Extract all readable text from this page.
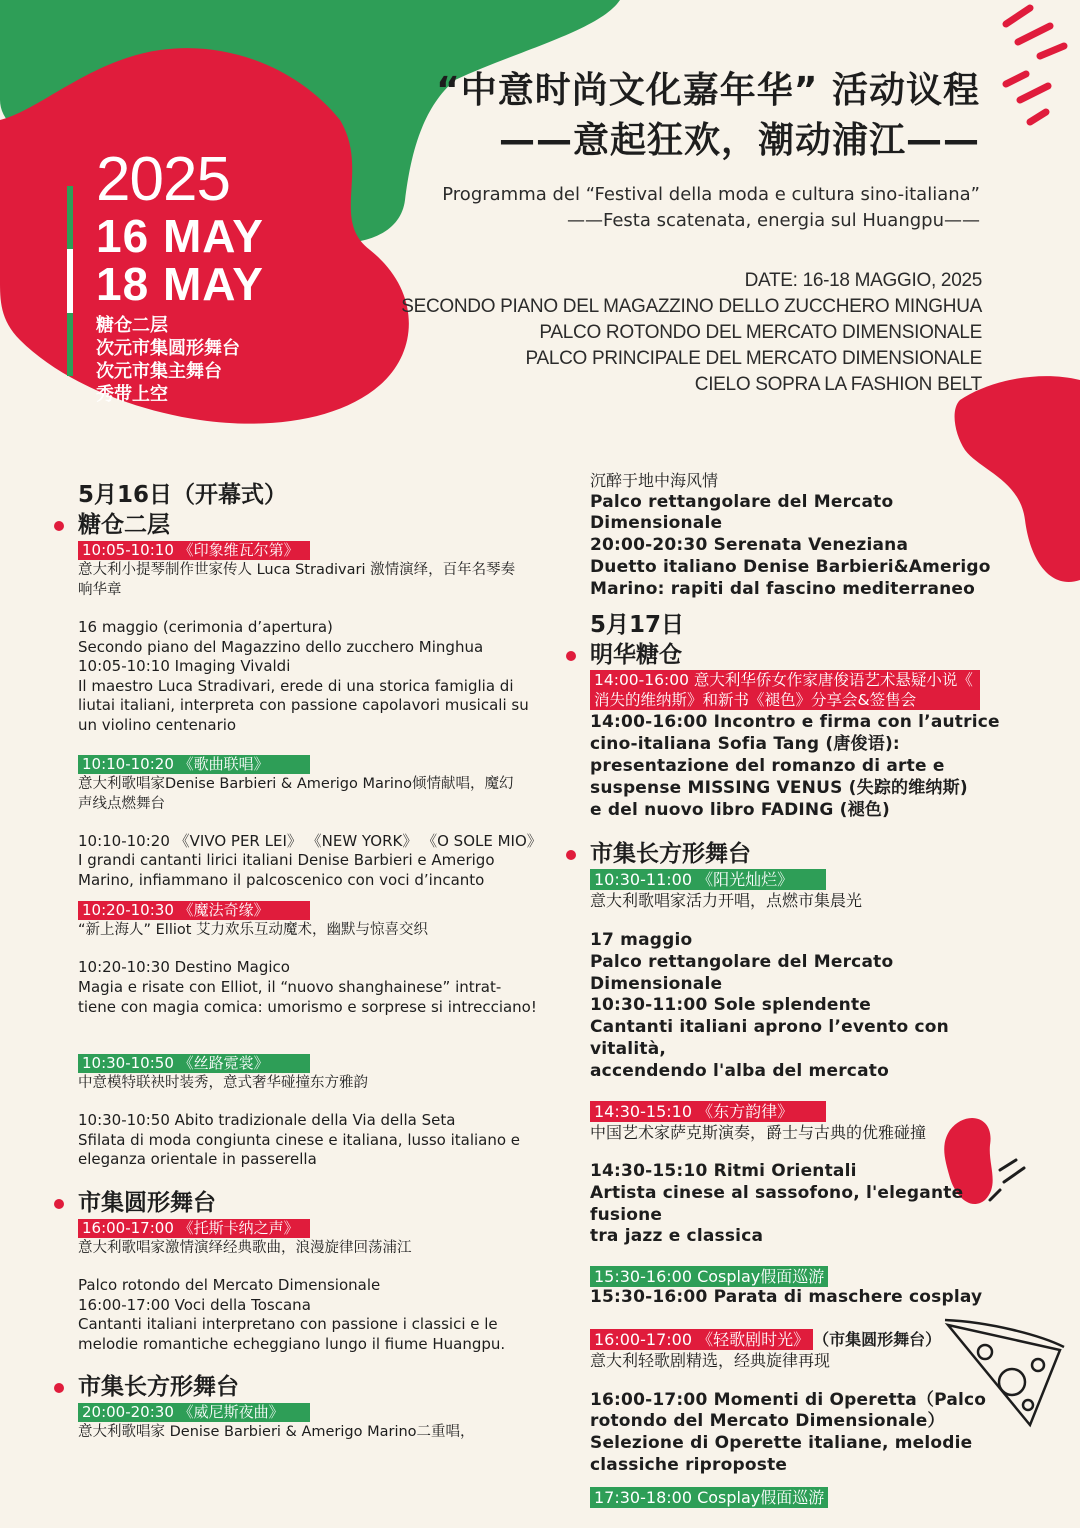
2025
16 MAY
18 MAY
糖仓二层
次元市集圆形舞台
次元市集主舞台
秀带上空
“中意时尚文化嘉年华” 活动议程
——意起狂欢，潮动浦江——
Programma del “Festival della moda e cultura sino-italiana”
——Festa scatenata, energia sul Huangpu——
DATE: 16-18 MAGGIO, 2025
SECONDO PIANO DEL MAGAZZINO DELLO ZUCCHERO MINGHUA
PALCO ROTONDO DEL MERCATO DIMENSIONALE
PALCO PRINCIPALE DEL MERCATO DIMENSIONALE
CIELO SOPRA LA FASHION BELT
5月16日（开幕式）
糖仓二层
10:05-10:10 《印象维瓦尔第》
意大利小提琴制作世家传人 Luca Stradivari 激情演绎，百年名琴奏
响华章
16 maggio (cerimonia d’apertura)
Secondo piano del Magazzino dello zucchero Minghua
10:05-10:10 Imaging Vivaldi
Il maestro Luca Stradivari, erede di una storica famiglia di
liutai italiani, interpreta con passione capolavori musicali su
un violino centenario
10:10-10:20 《歌曲联唱》
意大利歌唱家Denise Barbieri & Amerigo Marino倾情献唱，魔幻
声线点燃舞台
10:10-10:20 《VIVO PER LEI》 《NEW YORK》 《O SOLE MIO》
I grandi cantanti lirici italiani Denise Barbieri e Amerigo
Marino, infiammano il palcoscenico con voci d’incanto
10:20-10:30 《魔法奇缘》
“新上海人” Elliot 艾力欢乐互动魔术，幽默与惊喜交织
10:20-10:30 Destino Magico
Magia e risate con Elliot, il “nuovo shanghainese” intrat-
tiene con magia comica: umorismo e sorprese si intrecciano!
10:30-10:50 《丝路霓裳》
中意模特联袂时装秀，意式奢华碰撞东方雅韵
10:30-10:50 Abito tradizionale della Via della Seta
Sfilata di moda congiunta cinese e italiana, lusso italiano e
eleganza orientale in passerella
市集圆形舞台
16:00-17:00 《托斯卡纳之声》
意大利歌唱家激情演绎经典歌曲，浪漫旋律回荡浦江
Palco rotondo del Mercato Dimensionale
16:00-17:00 Voci della Toscana
Cantanti italiani interpretano con passione i classici e le
melodie romantiche echeggiano lungo il fiume Huangpu.
市集长方形舞台
20:00-20:30 《威尼斯夜曲》
意大利歌唱家 Denise Barbieri & Amerigo Marino二重唱，
沉醉于地中海风情
Palco rettangolare del Mercato Dimensionale
20:00-20:30 Serenata Veneziana
Duetto italiano Denise Barbieri&Amerigo
Marino: rapiti dal fascino mediterraneo
5月17日
明华糖仓
14:00-16:00 意大利华侨女作家唐俊语艺术悬疑小说《
消失的维纳斯》和新书《褪色》分享会&签售会
14:00-16:00 Incontro e firma con l’autrice
cino-italiana Sofia Tang (唐俊语):
presentazione del romanzo di arte e
suspense MISSING VENUS (失踪的维纳斯)
e del nuovo libro FADING (褪色)
市集长方形舞台
10:30-11:00 《阳光灿烂》
意大利歌唱家活力开唱，点燃市集晨光
17 maggio
Palco rettangolare del Mercato Dimensionale
10:30-11:00 Sole splendente
Cantanti italiani aprono l’evento con vitalità,
accendendo l'alba del mercato
14:30-15:10 《东方韵律》
中国艺术家萨克斯演奏，爵士与古典的优雅碰撞
14:30-15:10 Ritmi Orientali
Artista cinese al sassofono, l'elegante fusione
tra jazz e classica
15:30-16:00 Cosplay假面巡游
15:30-16:00 Parata di maschere cosplay
16:00-17:00 《轻歌剧时光》 （市集圆形舞台）
意大利轻歌剧精选，经典旋律再现
16:00-17:00 Momenti di Operetta（Palco
rotondo del Mercato Dimensionale）
Selezione di Operette italiane, melodie
classiche riproposte
17:30-18:00 Cosplay假面巡游
